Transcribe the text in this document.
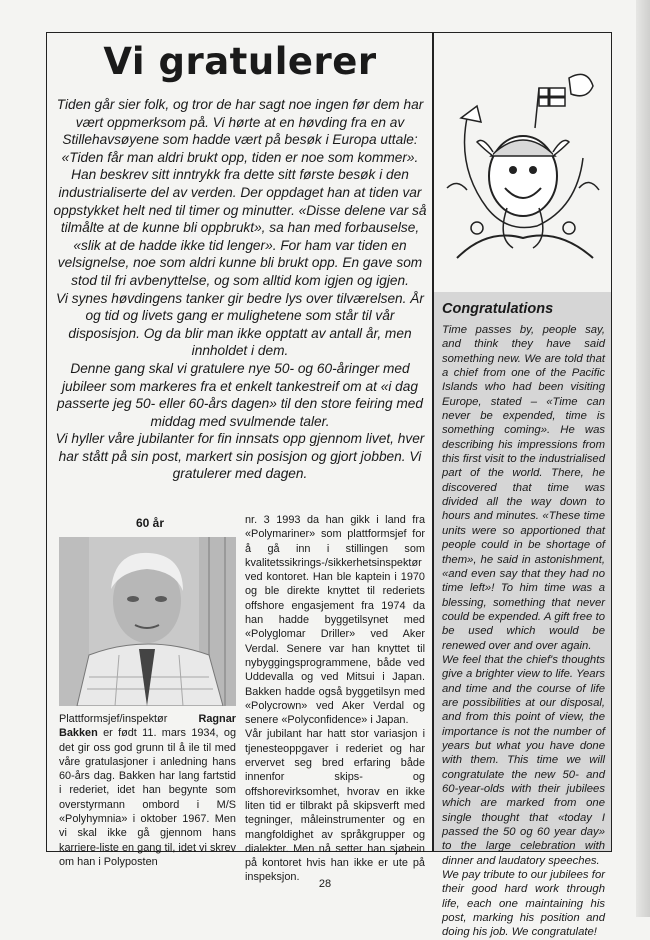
Vi gratulerer

Tiden går sier folk, og tror de har sagt noe ingen før dem har vært oppmerksom på. Vi hørte at en høvding fra en av Stillehavsøyene som hadde vært på besøk i Europa uttale: «Tiden får man aldri brukt opp, tiden er noe som kommer». Han beskrev sitt inntrykk fra dette sitt første besøk i den industrialiserte del av verden. Der oppdaget han at tiden var oppstykket helt ned til timer og minutter. «Disse delene var så tilmålte at de kunne bli oppbrukt», sa han med forbauselse, «slik at de hadde ikke tid lenger». For ham var tiden en velsignelse, noe som aldri kunne bli brukt opp. En gave som stod til fri avbenyttelse, og som alltid kom igjen og igjen.

Vi synes høvdingens tanker gir bedre lys over tilværelsen. År og tid og livets gang er mulighetene som står til vår disposisjon. Og da blir man ikke opptatt av antall år, men innholdet i dem.

Denne gang skal vi gratulere nye 50- og 60-åringer med jubileer som markeres fra et enkelt tankestreif om at «i dag passerte jeg 50- eller 60-års dagen» til den store feiring med middag med svulmende taler.

Vi hyller våre jubilanter for fin innsats opp gjennom livet, hver har stått på sin post, markert sin posisjon og gjort jobben. Vi gratulerer med dagen.

60 år

Plattformsjef/inspektør Ragnar Bakken er født 11. mars 1934, og det gir oss god grunn til å ile til med våre gratulasjoner i anledning hans 60-års dag. Bakken har lang fartstid i rederiet, idet han begynte som overstyrmann ombord i M/S «Polyhymnia» i oktober 1967. Men vi skal ikke gå gjennom hans karriere-liste en gang til, idet vi skrev om han i Polyposten

nr. 3 1993 da han gikk i land fra «Polymariner» som plattformsjef for å gå inn i stillingen som kvalitetssikrings-/sikkerhetsinspektør ved kontoret. Han ble kaptein i 1970 og ble direkte knyttet til rederiets offshore engasjement fra 1974 da han hadde byggetilsynet med «Polyglomar Driller» ved Aker Verdal. Senere var han knyttet til nybyggingsprogrammene, både ved Uddevalla og ved Mitsui i Japan. Bakken hadde også byggetilsyn med «Polycrown» ved Aker Verdal og senere «Polyconfidence» i Japan.

Vår jubilant har hatt stor variasjon i tjenesteoppgaver i rederiet og har ervervet seg bred erfaring både innenfor skips- og offshorevirksomhet, hvorav en ikke liten tid er tilbrakt på skipsverft med tegninger, måleinstrumenter og en mangfoldighet av språkgrupper og dialekter. Men nå setter han sjøbein på kontoret hvis han ikke er ute på inspeksjon.

Congratulations

Time passes by, people say, and think they have said something new. We are told that a chief from one of the Pacific Islands who had been visiting Europe, stated – «Time can never be expended, time is something coming». He was describing his impressions from this first visit to the industrialised part of the world. There, he discovered that time was divided all the way down to hours and minutes. «These time units were so apportioned that people could in be shortage of them», he said in astonishment, «and even say that they had no time left»! To him time was a blessing, something that never could be expended. A gift free to be used which would be renewed over and over again.

We feel that the chief's thoughts give a brighter view to life. Years and time and the course of life are possibilities at our disposal, and from this point of view, the importance is not the number of years but what you have done with them. This time we will congratulate the new 50- and 60-year-olds with their jubilees which are marked from one single thought that «today I passed the 50 og 60 year day» to the large celebration with dinner and laudatory speeches.

We pay tribute to our jubilees for their good hard work through life, each one maintaining his post, marking his position and doing his job. We congratulate!

28
